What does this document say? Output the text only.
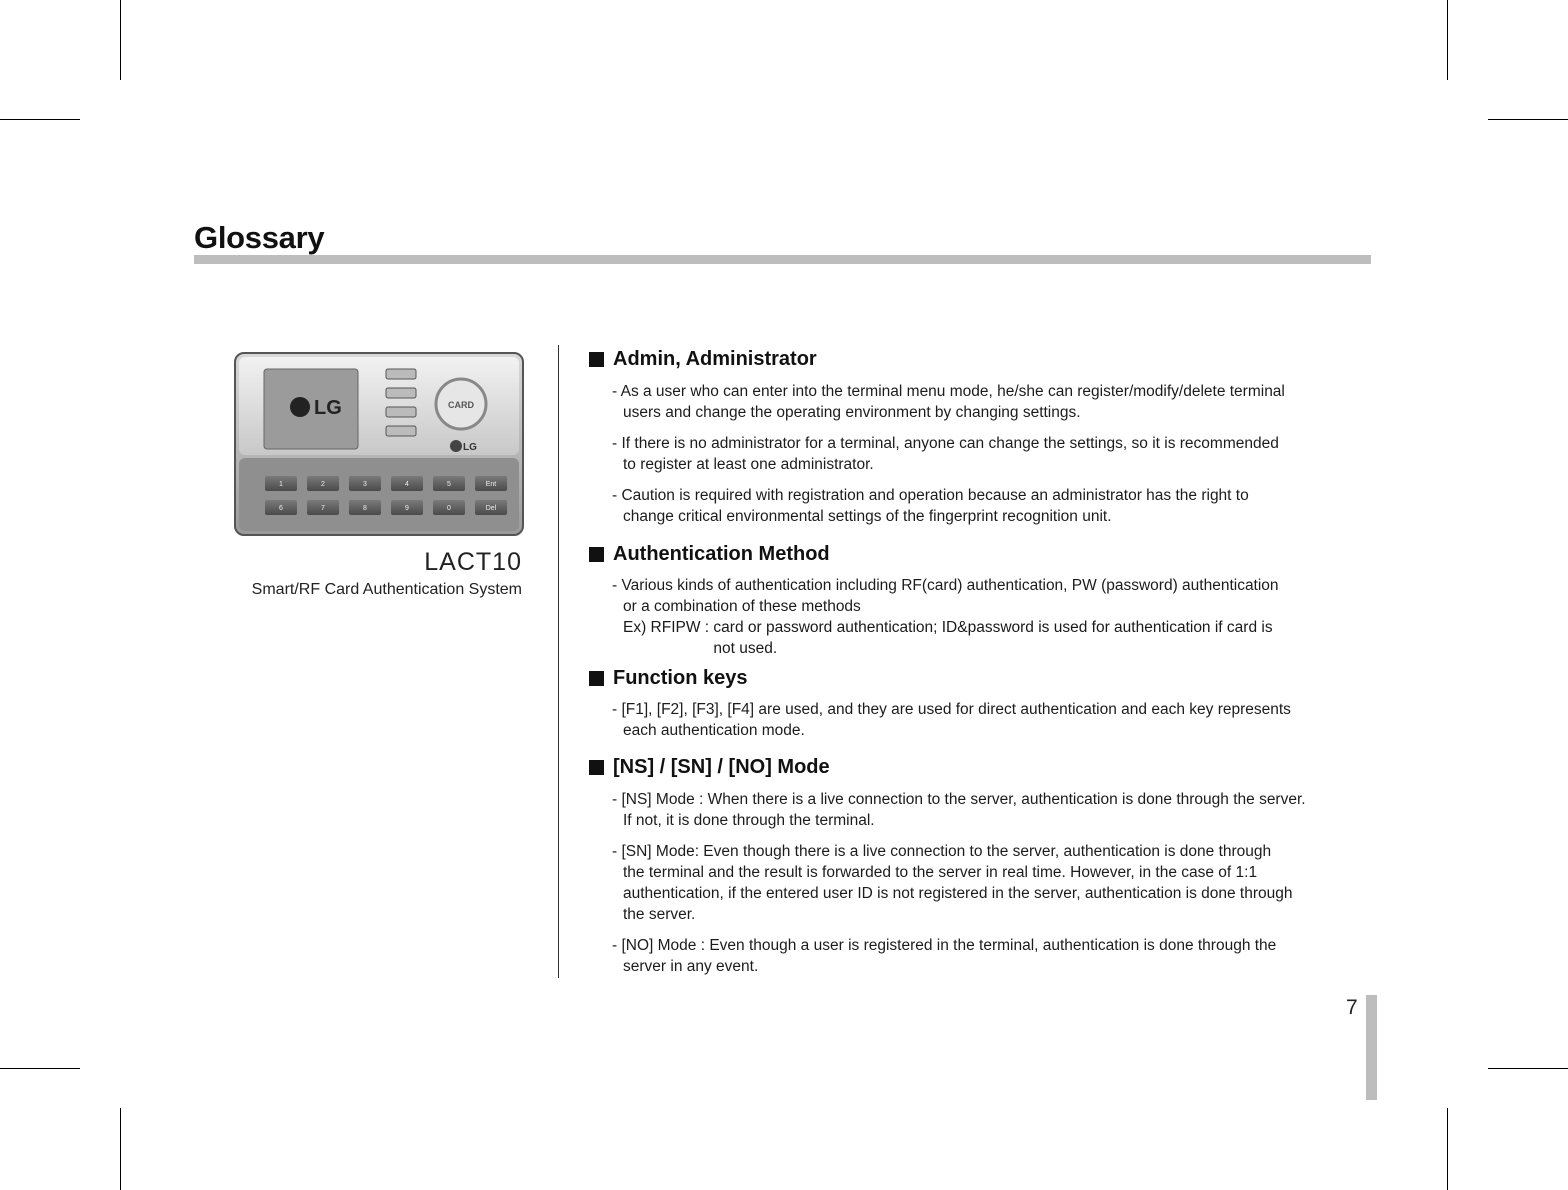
Glossary
LG	CARD
LG
1	2	3	4	5	Ent
6	7	8	9	0	Del
LACT10
Smart/RF Card Authentication System
Admin, Administrator
- As a user who can enter into the terminal menu mode, he/she can register/modify/delete terminal
users and change the operating environment by changing settings.
- If there is no administrator for a terminal, anyone can change the settings, so it is recommended
to register at least one administrator.
- Caution is required with registration and operation because an administrator has the right to
change critical environmental settings of the fingerprint recognition unit.
Authentication Method
- Various kinds of authentication including RF(card) authentication, PW (password) authentication
or a combination of these methods
Ex) RFIPW : card or password authentication; ID&password is used for authentication if card is
not used.
Function keys
- [F1], [F2], [F3], [F4] are used, and they are used for direct authentication and each key represents
each authentication mode.
[NS] / [SN] / [NO] Mode
- [NS] Mode : When there is a live connection to the server, authentication is done through the server.
If not, it is done through the terminal.
- [SN] Mode: Even though there is a live connection to the server, authentication is done through
the terminal and the result is forwarded to the server in real time. However, in the case of 1:1
authentication, if the entered user ID is not registered in the server, authentication is done through
the server.
- [NO] Mode : Even though a user is registered in the terminal, authentication is done through the
server in any event.
7
